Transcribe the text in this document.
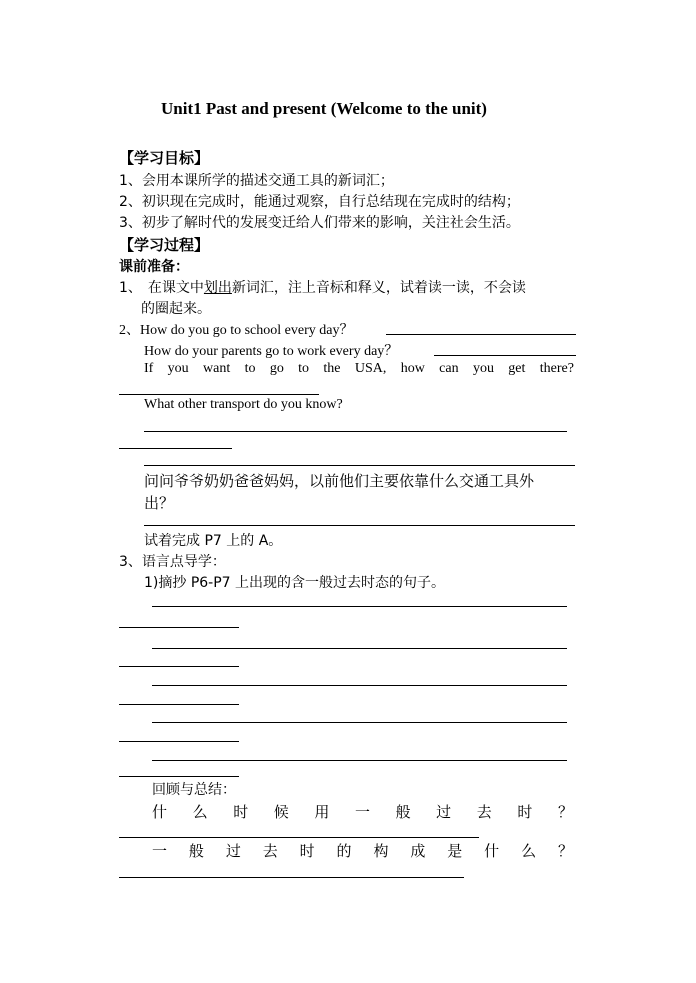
Unit1 Past and present (Welcome to the unit)
【学习目标】
1、会用本课所学的描述交通工具的新词汇；
2、初识现在完成时，能通过观察，自行总结现在完成时的结构；
3、初步了解时代的发展变迁给人们带来的影响，关注社会生活。
【学习过程】
课前准备：
1、 在课文中划出新词汇，注上音标和释义，试着读一读，不会读
的圈起来。
2、How do you go to school every day？
How do your parents go to work every day？
If you want to go to the USA, how can you get there?
What other transport do you know?
问问爷爷奶奶爸爸妈妈，以前他们主要依靠什么交通工具外
出？
试着完成 P7 上的 A。
3、语言点导学：
1)摘抄 P6-P7 上出现的含一般过去时态的句子。
回顾与总结：
什 么 时 候 用 一 般 过 去 时 ？
一 般 过 去 时 的 构 成 是 什 么 ？
